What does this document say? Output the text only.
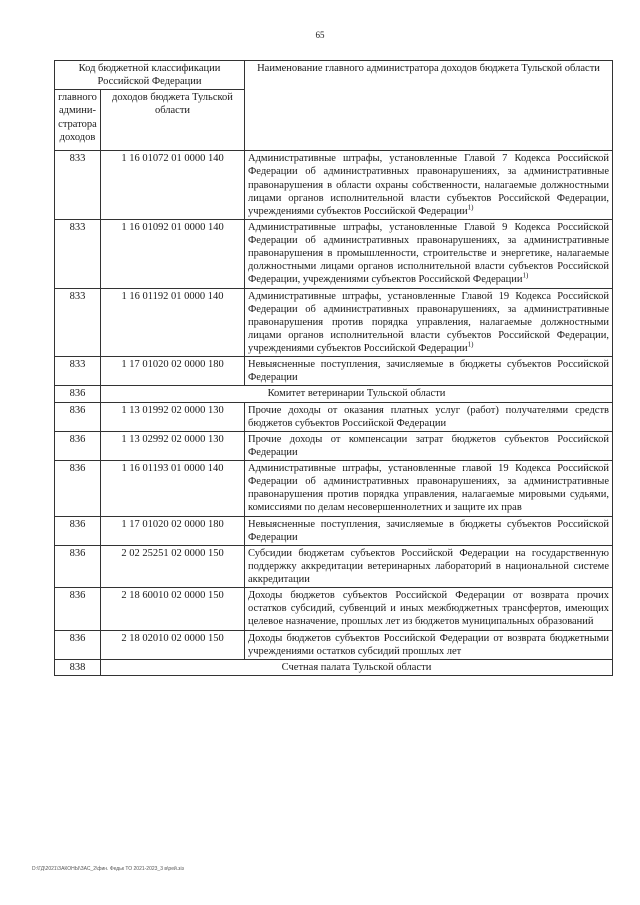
65
Код бюджетной классификации Российской Федерации		Наименование главного администратора доходов бюджета Тульской области
главного админи-стратора доходов	доходов бюджета Тульской области	
833	1 16 01072 01 0000 140	Административные штрафы, установленные Главой 7 Кодекса Российской Федерации об административных правонарушениях, за административные правонарушения в области охраны собственности, налагаемые должностными лицами органов исполнительной власти субъектов Российской Федерации, учреждениями субъектов Российской Федерации$^{1)}$
833	1 16 01092 01 0000 140	Административные штрафы, установленные Главой 9 Кодекса Российской Федерации об административных правонарушениях, за административные правонарушения в промышленности, строительстве и энергетике, налагаемые должностными лицами органов исполнительной власти субъектов Российской Федерации, учреждениями субъектов Российской Федерации$^{1)}$
833	1 16 01192 01 0000 140	Административные штрафы, установленные Главой 19 Кодекса Российской Федерации об административных правонарушениях, за административные правонарушения против порядка управления, налагаемые должностными лицами органов исполнительной власти субъектов Российской Федерации, учреждениями субъектов Российской Федерации$^{1)}$
833	1 17 01020 02 0000 180	Невыясненные поступления, зачисляемые в бюджеты субъектов Российской Федерации
836	Комитет ветеринарии Тульской области	
836	1 13 01992 02 0000 130	Прочие доходы от оказания платных услуг (работ) получателями средств бюджетов субъектов Российской Федерации
836	1 13 02992 02 0000 130	Прочие доходы от компенсации затрат бюджетов субъектов Российской Федерации
836	1 16 01193 01 0000 140	Административные штрафы, установленные главой 19 Кодекса Российской Федерации об административных правонарушениях, за административные правонарушения против порядка управления, налагаемые мировыми судьями, комиссиями по делам несовершеннолетних и защите их прав
836	1 17 01020 02 0000 180	Невыясненные поступления, зачисляемые в бюджеты субъектов Российской Федерации
836	2 02 25251 02 0000 150	Субсидии бюджетам субъектов Российской Федерации на государственную поддержку аккредитации ветеринарных лабораторий в национальной системе аккредитации
836	2 18 60010 02 0000 150	Доходы бюджетов субъектов Российской Федерации от возврата прочих остатков субсидий, субвенций и иных межбюджетных трансфертов, имеющих целевое назначение, прошлых лет из бюджетов муниципальных образований
836	2 18 02010 02 0000 150	Доходы бюджетов субъектов Российской Федерации от возврата бюджетными учреждениями остатков субсидий прошлых лет
838	Счетная палата Тульской области	
D:\ГД\2021\ЗАКОНЫ\ЗАС_2\фин. Федьк ТО 2021-2023_3 в\рей.зіз
